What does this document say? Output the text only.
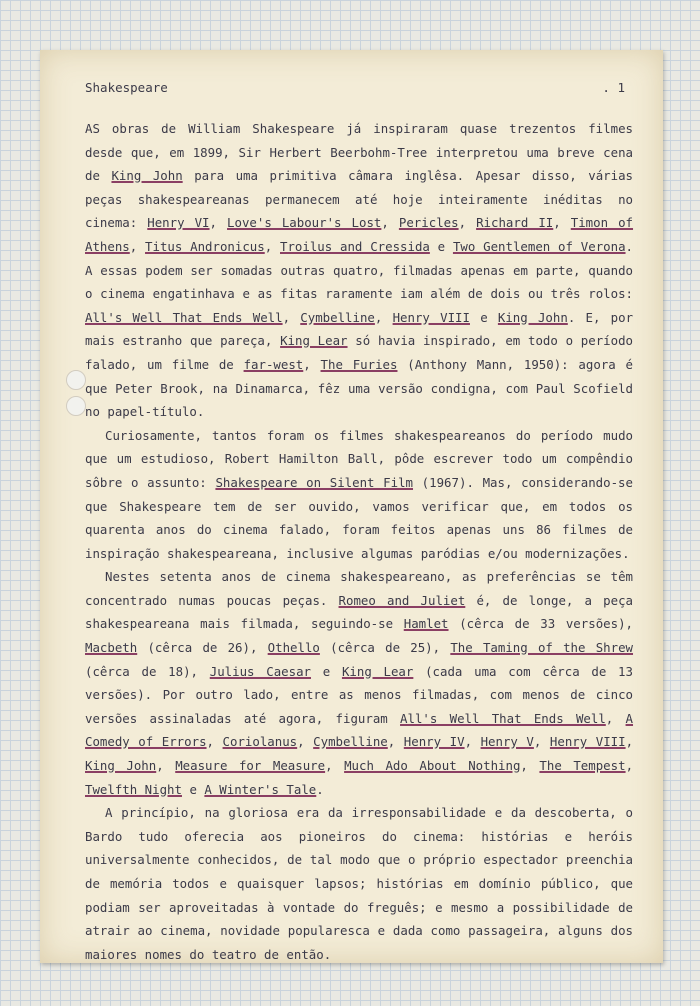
Shakespeare	. 1

AS obras de William Shakespeare já inspiraram quase trezentos filmes desde que, em 1899, Sir Herbert Beerbohm-Tree interpretou uma breve cena de King John para uma primitiva câmara inglêsa. Apesar disso, várias peças shakespeareanas permanecem até hoje inteiramente inéditas no cinema: Henry VI, Love's Labour's Lost, Pericles, Richard II, Timon of Athens, Titus Andronicus, Troilus and Cressida e Two Gentlemen of Verona. A essas podem ser somadas outras quatro, filmadas apenas em parte, quando o cinema engatinhava e as fitas raramente iam além de dois ou três rolos: All's Well That Ends Well, Cymbelline, Henry VIII e King John. E, por mais estranho que pareça, King Lear só havia inspirado, em todo o período falado, um filme de far-west, The Furies (Anthony Mann, 1950): agora é que Peter Brook, na Dinamarca, fêz uma versão condigna, com Paul Scofield no papel-título.

Curiosamente, tantos foram os filmes shakespeareanos do período mudo que um estudioso, Robert Hamilton Ball, pôde escrever todo um compêndio sôbre o assunto: Shakespeare on Silent Film (1967). Mas, considerando-se que Shakespeare tem de ser ouvido, vamos verificar que, em todos os quarenta anos do cinema falado, foram feitos apenas uns 86 filmes de inspiração shakespeareana, inclusive algumas paródias e/ou modernizações.

Nestes setenta anos de cinema shakespeareano, as preferências se têm concentrado numas poucas peças. Romeo and Juliet é, de longe, a peça shakespeareana mais filmada, seguindo-se Hamlet (cêrca de 33 versões), Macbeth (cêrca de 26), Othello (cêrca de 25), The Taming of the Shrew (cêrca de 18), Julius Caesar e King Lear (cada uma com cêrca de 13 versões). Por outro lado, entre as menos filmadas, com menos de cinco versões assinaladas até agora, figuram All's Well That Ends Well, A Comedy of Errors, Coriolanus, Cymbelline, Henry IV, Henry V, Henry VIII, King John, Measure for Measure, Much Ado About Nothing, The Tempest, Twelfth Night e A Winter's Tale.

A princípio, na gloriosa era da irresponsabilidade e da descoberta, o Bardo tudo oferecia aos pioneiros do cinema: histórias e heróis universalmente conhecidos, de tal modo que o próprio espectador preenchia de memória todos e quaisquer lapsos; histórias em domínio público, que podiam ser aproveitadas à vontade do freguês; e mesmo a possibilidade de atrair ao cinema, novidade popularesca e dada como passageira, alguns dos maiores nomes do teatro de então.
